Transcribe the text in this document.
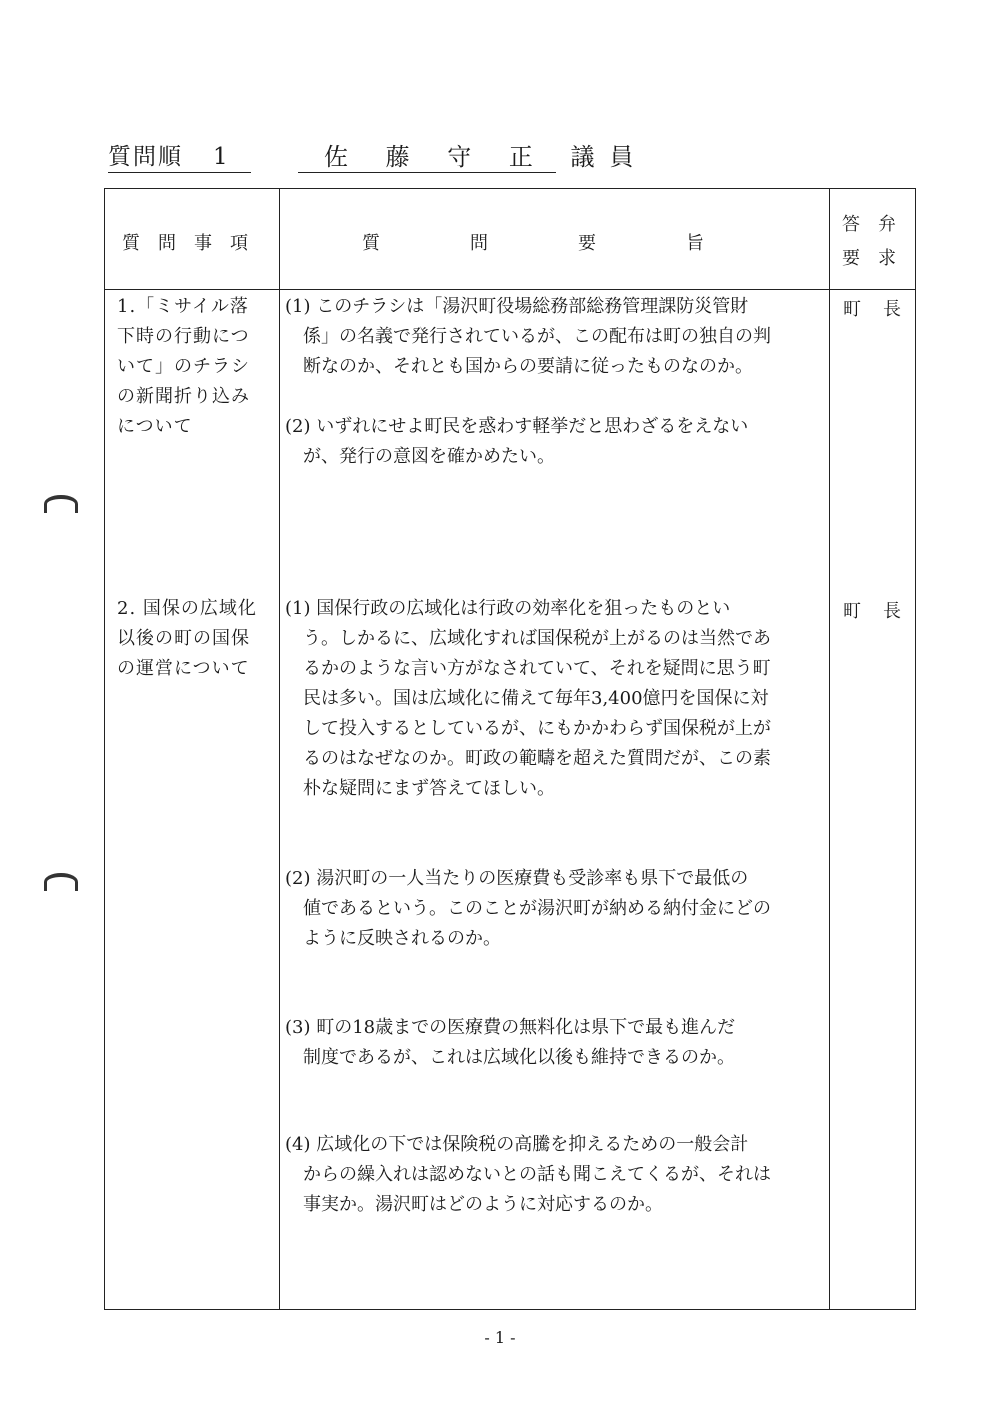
質問順 1	佐 藤 守 正 議員
質　問　事　項	質　　　　　問　　　　　要　　　　　旨
答　弁
要　求
1.「ミサイル落
下時の行動につ
いて」のチラシ
の新聞折り込み
について
町長
(1) このチラシは「湯沢町役場総務部総務管理課防災管財
係」の名義で発行されているが、この配布は町の独自の判
断なのか、それとも国からの要請に従ったものなのか。
(2) いずれにせよ町民を惑わす軽挙だと思わざるをえない
が、発行の意図を確かめたい。
2. 国保の広域化
以後の町の国保
の運営について
町長
(1) 国保行政の広域化は行政の効率化を狙ったものとい
う。しかるに、広域化すれば国保税が上がるのは当然であ
るかのような言い方がなされていて、それを疑問に思う町
民は多い。国は広域化に備えて毎年3,400億円を国保に対
して投入するとしているが、にもかかわらず国保税が上が
るのはなぜなのか。町政の範疇を超えた質問だが、この素
朴な疑問にまず答えてほしい。
(2) 湯沢町の一人当たりの医療費も受診率も県下で最低の
値であるという。このことが湯沢町が納める納付金にどの
ように反映されるのか。
(3) 町の18歳までの医療費の無料化は県下で最も進んだ
制度であるが、これは広域化以後も維持できるのか。
(4) 広域化の下では保険税の高騰を抑えるための一般会計
からの繰入れは認めないとの話も聞こえてくるが、それは
事実か。湯沢町はどのように対応するのか。
- 1 -
